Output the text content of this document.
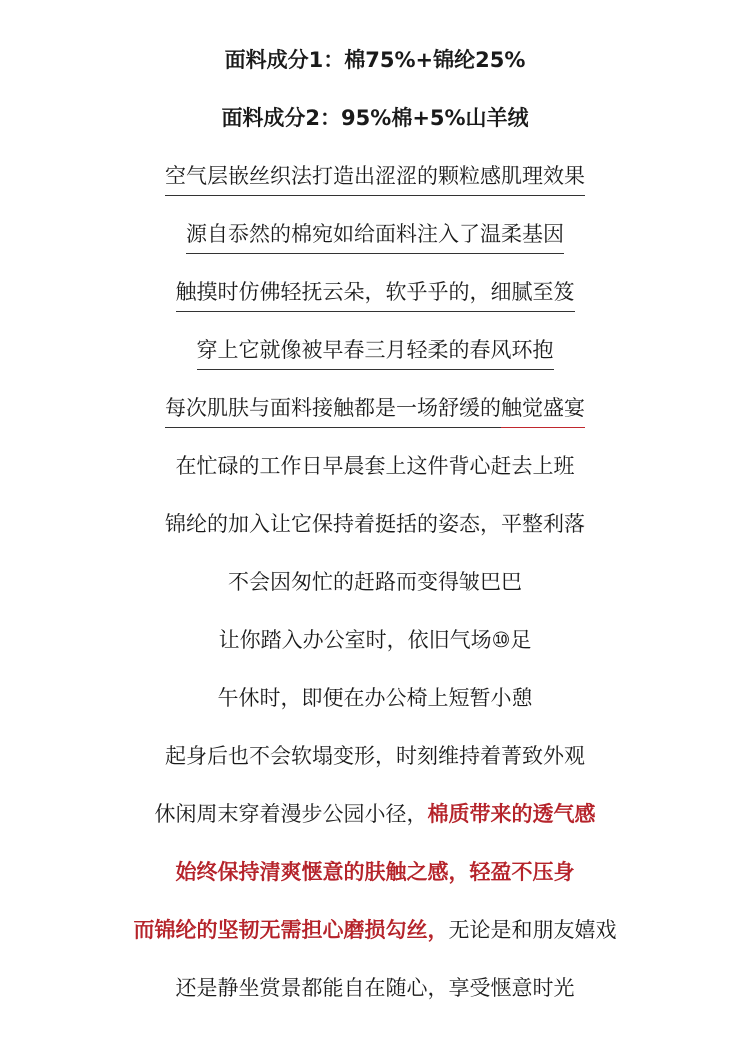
面料成分1：棉75%+锦纶25%
面料成分2：95%棉+5%山羊绒
空气层嵌丝织法打造出涩涩的颗粒感肌理效果
源自忝然的棉宛如给面料注入了温柔基因
触摸时仿佛轻抚云朵，软乎乎的，细腻至笈
穿上它就像被早春三月轻柔的春风环抱
每次肌肤与面料接触都是一场舒缓的触觉盛宴
在忙碌的工作日早晨套上这件背心赶去上班
锦纶的加入让它保持着挺括的姿态，平整利落
不会因匆忙的赶路而变得皱巴巴
让你踏入办公室时，依旧气场⑩足
午休时，即便在办公椅上短暂小憩
起身后也不会软塌变形，时刻维持着菁致外观
休闲周末穿着漫步公园小径，棉质带来的透气感
始终保持清爽惬意的肤触之感，轻盈不压身
而锦纶的坚韧无需担心磨损勾丝，无论是和朋友嬉戏
还是静坐赏景都能自在随心，享受惬意时光
